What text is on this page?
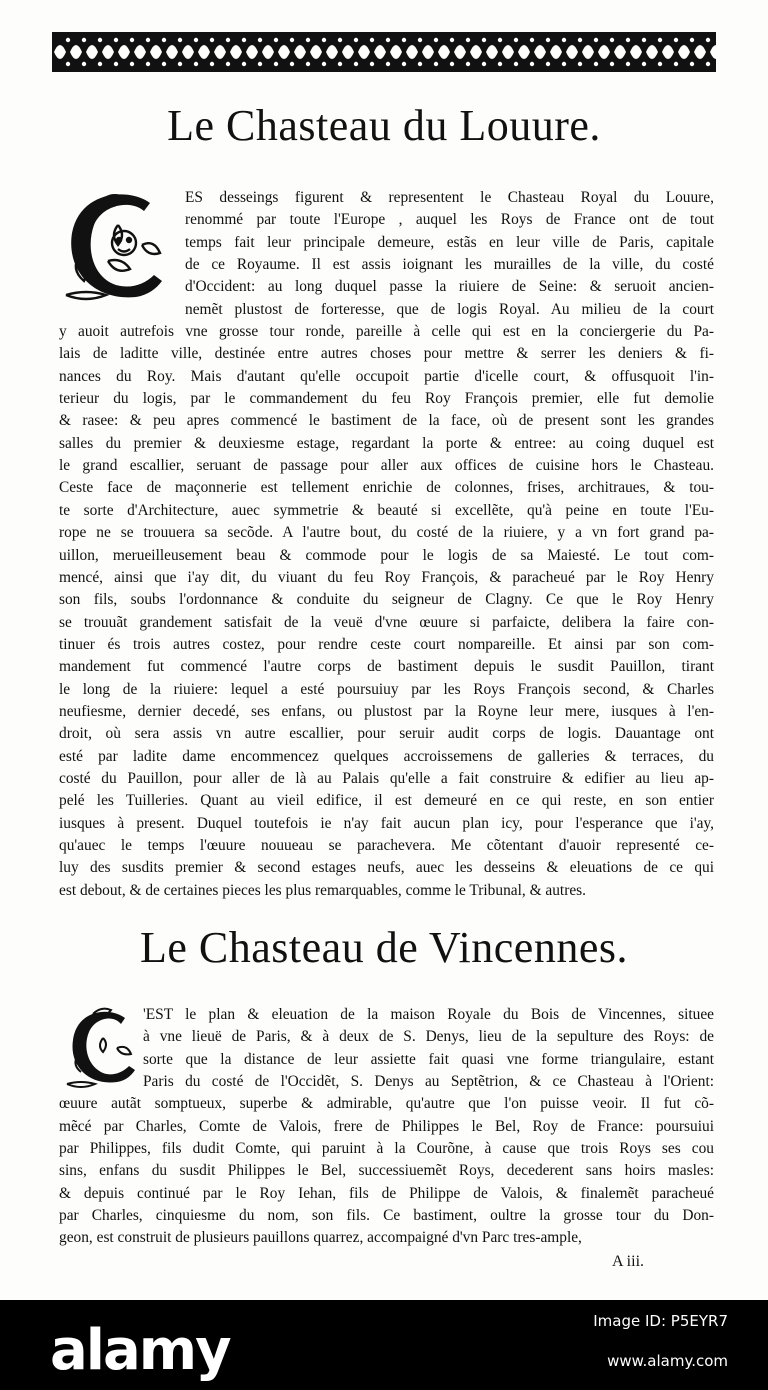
Le Chasteau du Louure.
ES desseings figurent & representent le Chasteau Royal du Louure,
renommé par toute l'Europe , auquel les Roys de France ont de tout
temps fait leur principale demeure, estãs en leur ville de Paris, capitale
de ce Royaume. Il est assis ioignant les murailles de la ville, du costé
d'Occident: au long duquel passe la riuiere de Seine: & seruoit ancien-
nemẽt plustost de forteresse, que de logis Royal. Au milieu de la court
y auoit autrefois vne grosse tour ronde, pareille à celle qui est en la conciergerie du Pa-
lais de laditte ville, destinée entre autres choses pour mettre & serrer les deniers & fi-
nances du Roy. Mais d'autant qu'elle occupoit partie d'icelle court, & offusquoit l'in-
terieur du logis, par le commandement du feu Roy François premier, elle fut demolie
& rasee: & peu apres commencé le bastiment de la face, où de present sont les grandes
salles du premier & deuxiesme estage, regardant la porte & entree: au coing duquel est
le grand escallier, seruant de passage pour aller aux offices de cuisine hors le Chasteau.
Ceste face de maçonnerie est tellement enrichie de colonnes, frises, architraues, & tou-
te sorte d'Architecture, auec symmetrie & beauté si excellẽte, qu'à peine en toute l'Eu-
rope ne se trouuera sa secõde. A l'autre bout, du costé de la riuiere, y a vn fort grand pa-
uillon, merueilleusement beau & commode pour le logis de sa Maiesté. Le tout com-
mencé, ainsi que i'ay dit, du viuant du feu Roy François, & paracheué par le Roy Henry
son fils, soubs l'ordonnance & conduite du seigneur de Clagny. Ce que le Roy Henry
se trouuãt grandement satisfait de la veuë d'vne œuure si parfaicte, delibera la faire con-
tinuer és trois autres costez, pour rendre ceste court nompareille. Et ainsi par son com-
mandement fut commencé l'autre corps de bastiment depuis le susdit Pauillon, tirant
le long de la riuiere: lequel a esté poursuiuy par les Roys François second, & Charles
neufiesme, dernier decedé, ses enfans, ou plustost par la Royne leur mere, iusques à l'en-
droit, où sera assis vn autre escallier, pour seruir audit corps de logis. Dauantage ont
esté par ladite dame encommencez quelques accroissemens de galleries & terraces, du
costé du Pauillon, pour aller de là au Palais qu'elle a fait construire & edifier au lieu ap-
pelé les Tuilleries. Quant au vieil edifice, il est demeuré en ce qui reste, en son entier
iusques à present. Duquel toutefois ie n'ay fait aucun plan icy, pour l'esperance que i'ay,
qu'auec le temps l'œuure nouueau se parachevera. Me cõtentant d'auoir representé ce-
luy des susdits premier & second estages neufs, auec les desseins & eleuations de ce qui
est debout, & de certaines pieces les plus remarquables, comme le Tribunal, & autres.
Le Chasteau de Vincennes.
'EST le plan & eleuation de la maison Royale du Bois de Vincennes, situee
à vne lieuë de Paris, & à deux de S. Denys, lieu de la sepulture des Roys: de
sorte que la distance de leur assiette fait quasi vne forme triangulaire, estant
Paris du costé de l'Occidẽt, S. Denys au Septẽtrion, & ce Chasteau à l'Orient:
œuure autãt somptueux, superbe & admirable, qu'autre que l'on puisse veoir. Il fut cõ-
mẽcé par Charles, Comte de Valois, frere de Philippes le Bel, Roy de France: poursuiui
par Philippes, fils dudit Comte, qui paruint à la Courõne, à cause que trois Roys ses cou
sins, enfans du susdit Philippes le Bel, successiuemẽt Roys, decederent sans hoirs masles:
& depuis continué par le Roy Iehan, fils de Philippe de Valois, & finalemẽt paracheué
par Charles, cinquiesme du nom, son fils. Ce bastiment, oultre la grosse tour du Don-
geon, est construit de plusieurs pauillons quarrez, accompaigné d'vn Parc tres-ample,
A iii.
alamy	Image ID: P5EYR7
www.alamy.com
